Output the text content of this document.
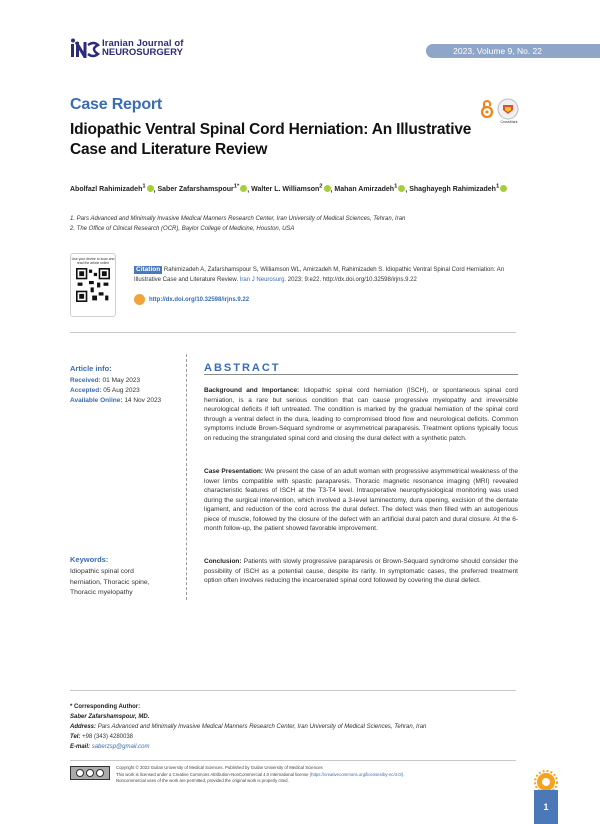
Iranian Journal of
NEUROSURGERY	2023, Volume 9, No. 22
Case Report
Idiopathic Ventral Spinal Cord Herniation: An Illustrative Case and Literature Review
CrossMark
Abolfazl Rahimizadeh$^1$ , Saber Zafarshamspour$^{1*}$ , Walter L. Williamson$^2$ , Mahan Amirzadeh$^1$ , Shaghayegh Rahimizadeh$^1$
1. Pars Advanced and Minimally Invasive Medical Manners Research Center, Iran University of Medical Sciences, Tehran, Iran
2. The Office of Clinical Research (OCR), Baylor College of Medicine, Houston, USA
Use your device to scan and read the article online
Citation Rahimizadeh A, Zafarshamspour S, Williamson WL, Amirzadeh M, Rahimizadeh S. Idiopathic Ventral Spinal Cord Herniation: An Illustrative Case and Literature Review. Iran J Neurosurg. 2023; 9:e22. http://dx.doi.org/10.32598/irjns.9.22
http://dx.doi.org/10.32598/irjns.9.22
Article info:
Received: 01 May 2023
Accepted: 05 Aug 2023
Available Online: 14 Nov 2023
Keywords:
Idiopathic spinal cord herniation, Thoracic spine, Thoracic myelopathy
ABSTRACT
Background and Importance: Idiopathic spinal cord herniation (ISCH), or spontaneous spinal cord herniation, is a rare but serious condition that can cause progressive myelopathy and irreversible neurological deficits if left untreated. The condition is marked by the gradual herniation of the spinal cord through a ventral defect in the dura, leading to compromised blood flow and neurological deficits. Common symptoms include Brown-Séquard syndrome or asymmetrical paraparesis. Treatment options typically focus on reducing the strangulated spinal cord and closing the dural defect with a synthetic patch.
Case Presentation: We present the case of an adult woman with progressive asymmetrical weakness of the lower limbs compatible with spastic paraparesis. Thoracic magnetic resonance imaging (MRI) revealed characteristic features of ISCH at the T3-T4 level. Intraoperative neurophysiological monitoring was used during the surgical intervention, which involved a 3-level laminectomy, dura opening, excision of the dentate ligament, and reduction of the cord across the dural defect. The defect was then filled with an autogenous piece of muscle, followed by the closure of the defect with an artificial dural patch and dural closure. At the 6-month follow-up, the patient showed favorable improvement.
Conclusion: Patients with slowly progressive paraparesis or Brown-Séquard syndrome should consider the possibility of ISCH as a potential cause, despite its rarity. In symptomatic cases, the preferred treatment option often involves reducing the incarcerated spinal cord followed by covering the dural defect.
* Corresponding Author:
Saber Zafarshamspour, MD.
Address: Pars Advanced and Minimally Invasive Medical Manners Research Center, Iran University of Medical Sciences, Tehran, Iran
Tel: +98 (343) 4280038
E-mail: saberzsp@gmail.com
Copyright © 2023 Guilan University of Medical Sciences. Published by Guilan University of Medical Sciences
This work is licensed under a Creative Commons Attribution-NonCommercial 4.0 International license (https://creativecommons.org/licenses/by-nc/4.0/).
Noncommercial uses of the work are permitted, provided the original work is properly cited.
1
